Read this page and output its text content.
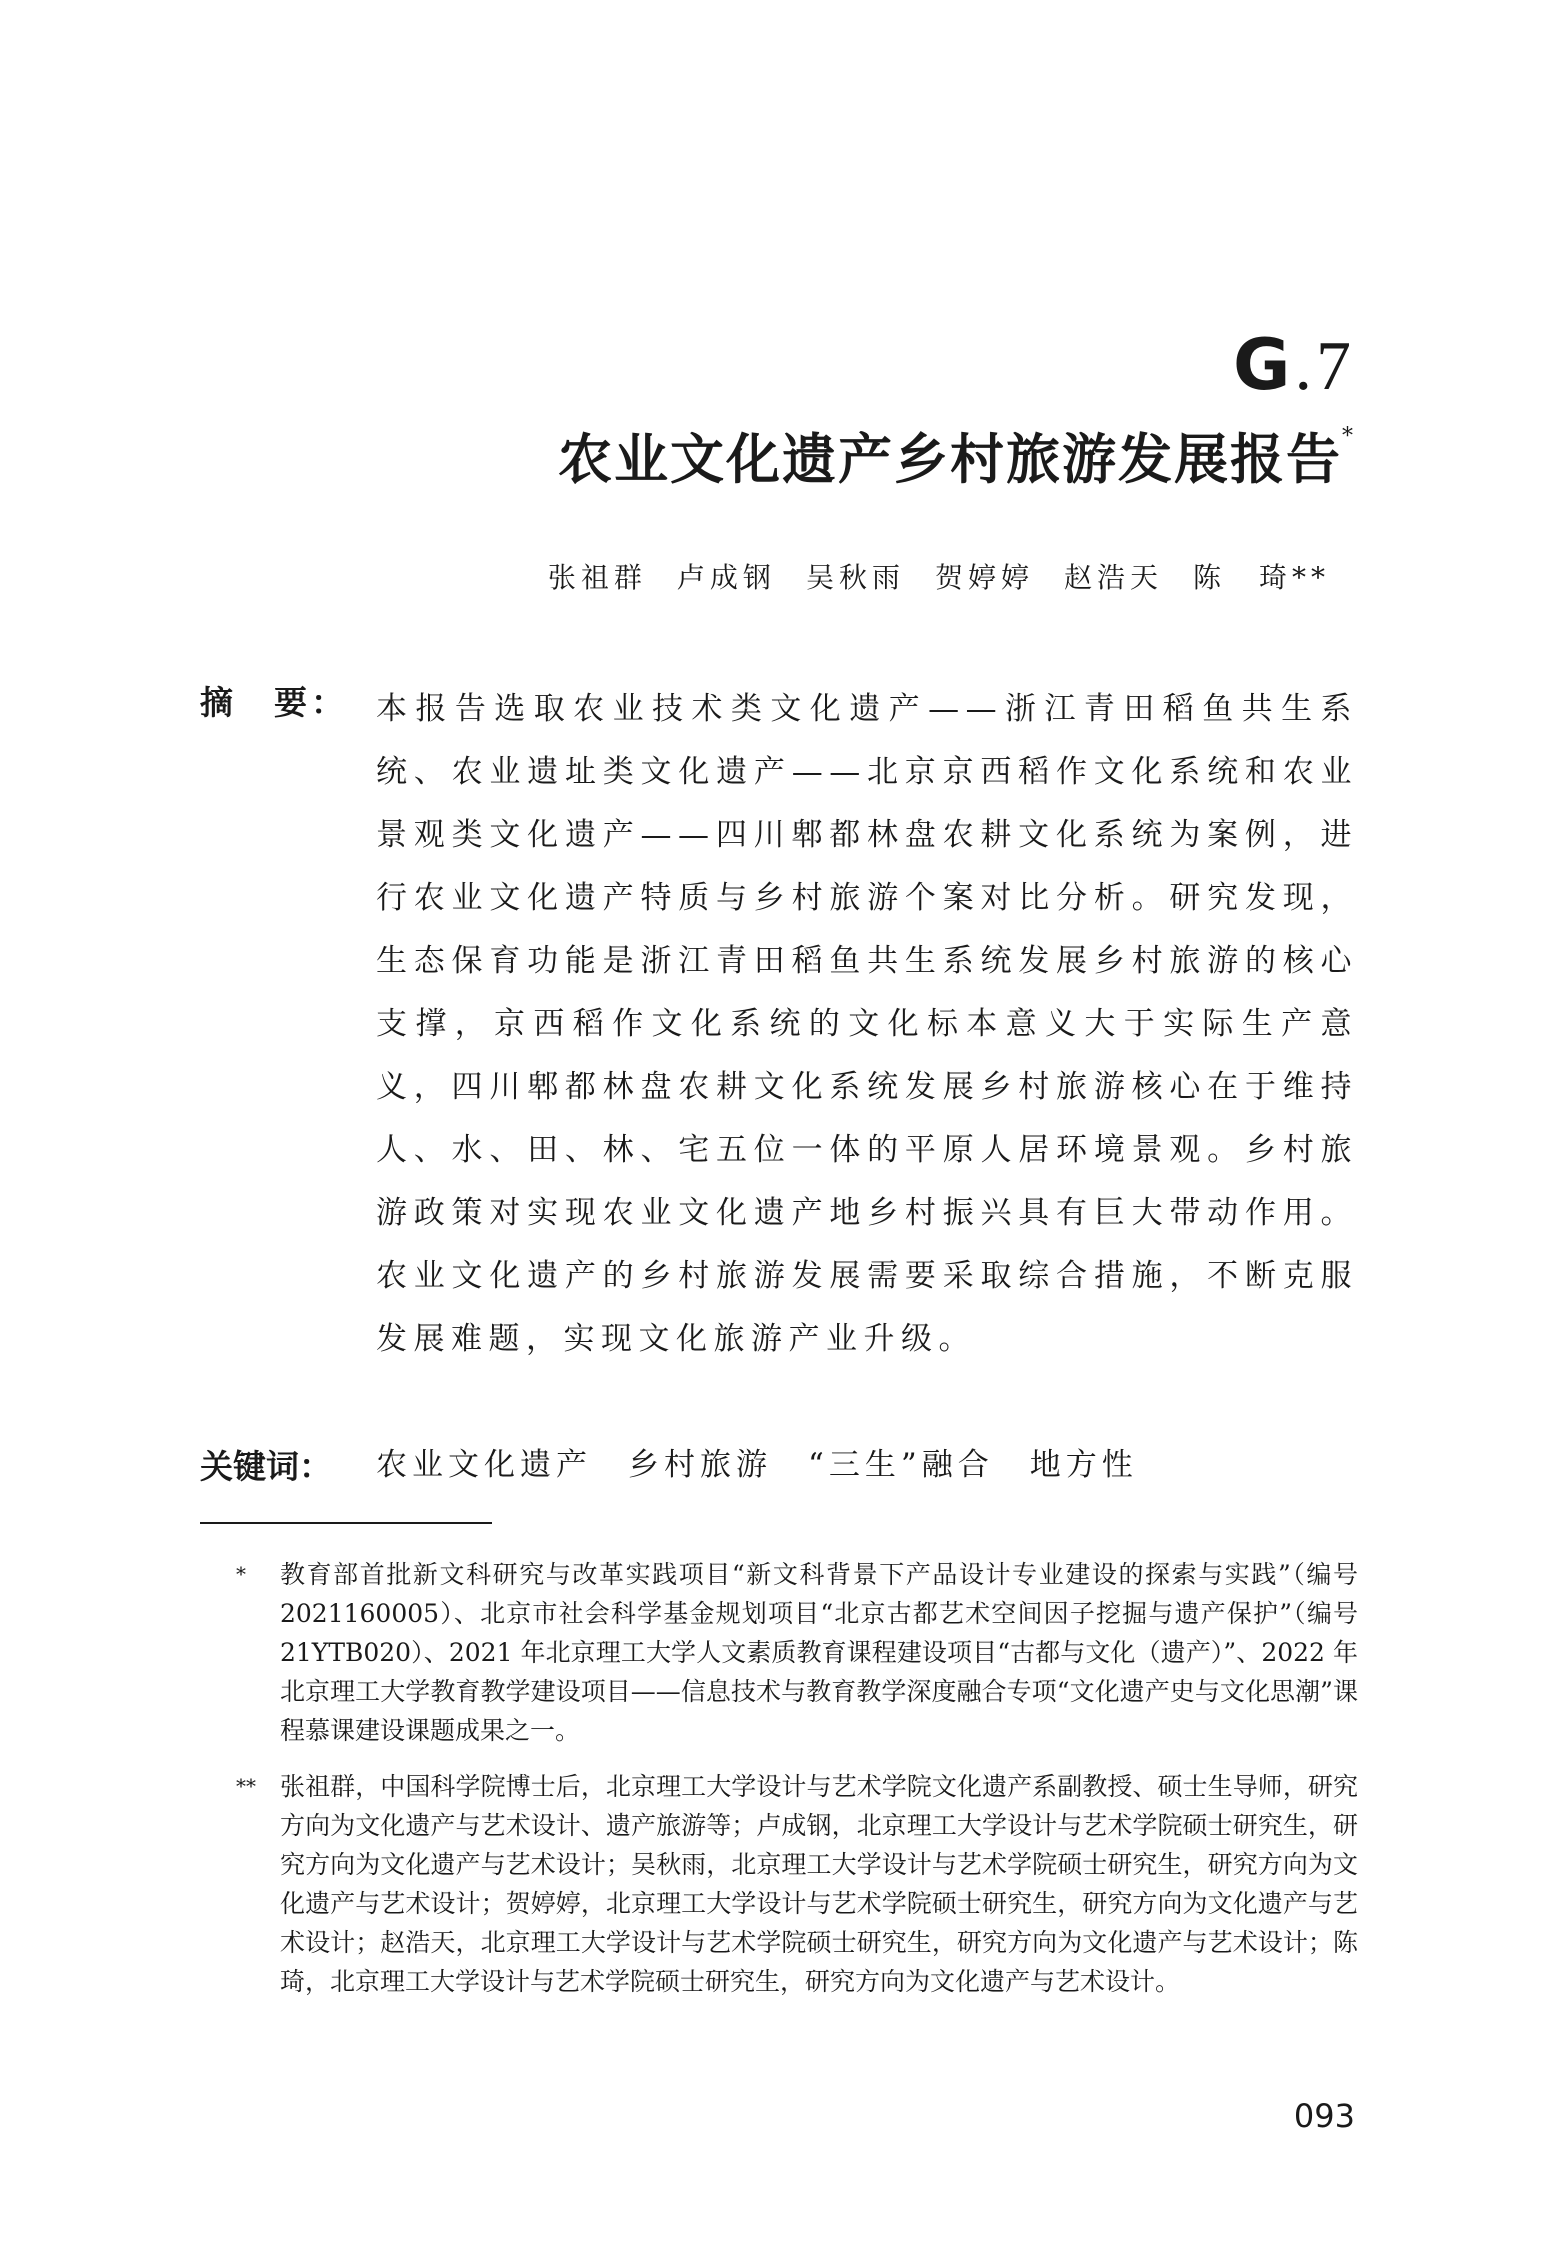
G.7
农业文化遗产乡村旅游发展报告*
张祖群 卢成钢 吴秋雨 贺婷婷 赵浩天 陈　琦**
摘　要： 本报告选取农业技术类文化遗产——浙江青田稻鱼共生系统、农业遗址类文化遗产——北京京西稻作文化系统和农业景观类文化遗产——四川郫都林盘农耕文化系统为案例，进行农业文化遗产特质与乡村旅游个案对比分析。研究发现，生态保育功能是浙江青田稻鱼共生系统发展乡村旅游的核心支撑，京西稻作文化系统的文化标本意义大于实际生产意义，四川郫都林盘农耕文化系统发展乡村旅游核心在于维持人、水、田、林、宅五位一体的平原人居环境景观。乡村旅游政策对实现农业文化遗产地乡村振兴具有巨大带动作用。农业文化遗产的乡村旅游发展需要采取综合措施，不断克服发展难题，实现文化旅游产业升级。
关键词： 农业文化遗产 乡村旅游 “三生”融合 地方性
* 教育部首批新文科研究与改革实践项目“新文科背景下产品设计专业建设的探索与实践”（编号 2021160005）、北京市社会科学基金规划项目“北京古都艺术空间因子挖掘与遗产保护”（编号 21YTB020）、2021 年北京理工大学人文素质教育课程建设项目“古都与文化（遗产）”、2022 年北京理工大学教育教学建设项目——信息技术与教育教学深度融合专项“文化遗产史与文化思潮”课程慕课建设课题成果之一。
** 张祖群，中国科学院博士后，北京理工大学设计与艺术学院文化遗产系副教授、硕士生导师，研究方向为文化遗产与艺术设计、遗产旅游等；卢成钢，北京理工大学设计与艺术学院硕士研究生，研究方向为文化遗产与艺术设计；吴秋雨，北京理工大学设计与艺术学院硕士研究生，研究方向为文化遗产与艺术设计；贺婷婷，北京理工大学设计与艺术学院硕士研究生，研究方向为文化遗产与艺术设计；赵浩天，北京理工大学设计与艺术学院硕士研究生，研究方向为文化遗产与艺术设计；陈琦，北京理工大学设计与艺术学院硕士研究生，研究方向为文化遗产与艺术设计。
093
